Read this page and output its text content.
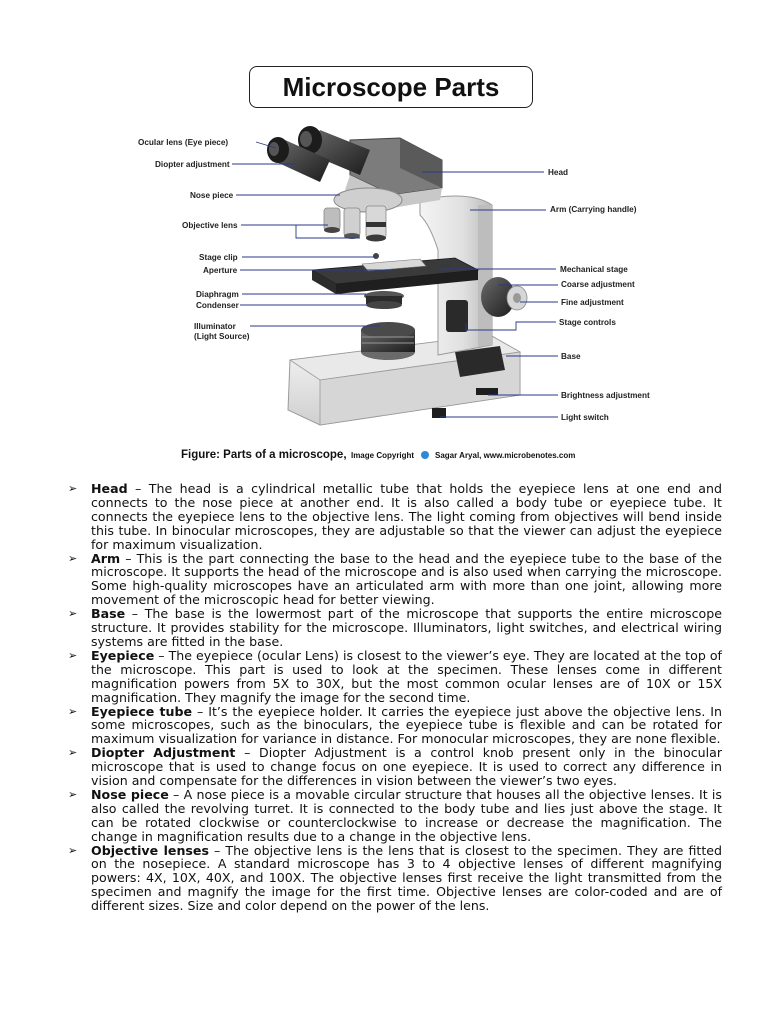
Ocular lens (Eye piece)
Diopter adjustment
Nose piece
Objective lens
Stage clip
Aperture
Diaphragm
Condenser
Illuminator
(Light Source)
Head
Arm (Carrying handle)
Mechanical stage
Coarse adjustment
Fine adjustment
Stage controls
Base
Brightness adjustment
Light switch
Microscope Parts
Figure: Parts of a microscope, Image Copyright	Sagar Aryal, www.microbenotes.com
➢ Head – The head is a cylindrical metallic tube that holds the eyepiece lens at one end and connects to the nose piece at another end. It is also called a body tube or eyepiece tube. It connects the eyepiece lens to the objective lens. The light coming from objectives will bend inside this tube. In binocular microscopes, they are adjustable so that the viewer can adjust the eyepiece for maximum visualization.
➢ Arm – This is the part connecting the base to the head and the eyepiece tube to the base of the microscope. It supports the head of the microscope and is also used when carrying the microscope. Some high-quality microscopes have an articulated arm with more than one joint, allowing more movement of the microscopic head for better viewing.
➢ Base – The base is the lowermost part of the microscope that supports the entire microscope structure. It provides stability for the microscope. Illuminators, light switches, and electrical wiring systems are fitted in the base.
➢ Eyepiece – The eyepiece (ocular Lens) is closest to the viewer’s eye. They are located at the top of the microscope. This part is used to look at the specimen. These lenses come in different magnification powers from 5X to 30X, but the most common ocular lenses are of 10X or 15X magnification. They magnify the image for the second time.
➢ Eyepiece tube – It’s the eyepiece holder. It carries the eyepiece just above the objective lens. In some microscopes, such as the binoculars, the eyepiece tube is flexible and can be rotated for maximum visualization for variance in distance. For monocular microscopes, they are none flexible.
➢ Diopter Adjustment – Diopter Adjustment is a control knob present only in the binocular microscope that is used to change focus on one eyepiece. It is used to correct any difference in vision and compensate for the differences in vision between the viewer’s two eyes.
➢ Nose piece – A nose piece is a movable circular structure that houses all the objective lenses. It is also called the revolving turret. It is connected to the body tube and lies just above the stage. It can be rotated clockwise or counterclockwise to increase or decrease the magnification. The change in magnification results due to a change in the objective lens.
➢ Objective lenses – The objective lens is the lens that is closest to the specimen. They are fitted on the nosepiece. A standard microscope has 3 to 4 objective lenses of different magnifying powers: 4X, 10X, 40X, and 100X. The objective lenses first receive the light transmitted from the specimen and magnify the image for the first time. Objective lenses are color-coded and are of different sizes. Size and color depend on the power of the lens.
